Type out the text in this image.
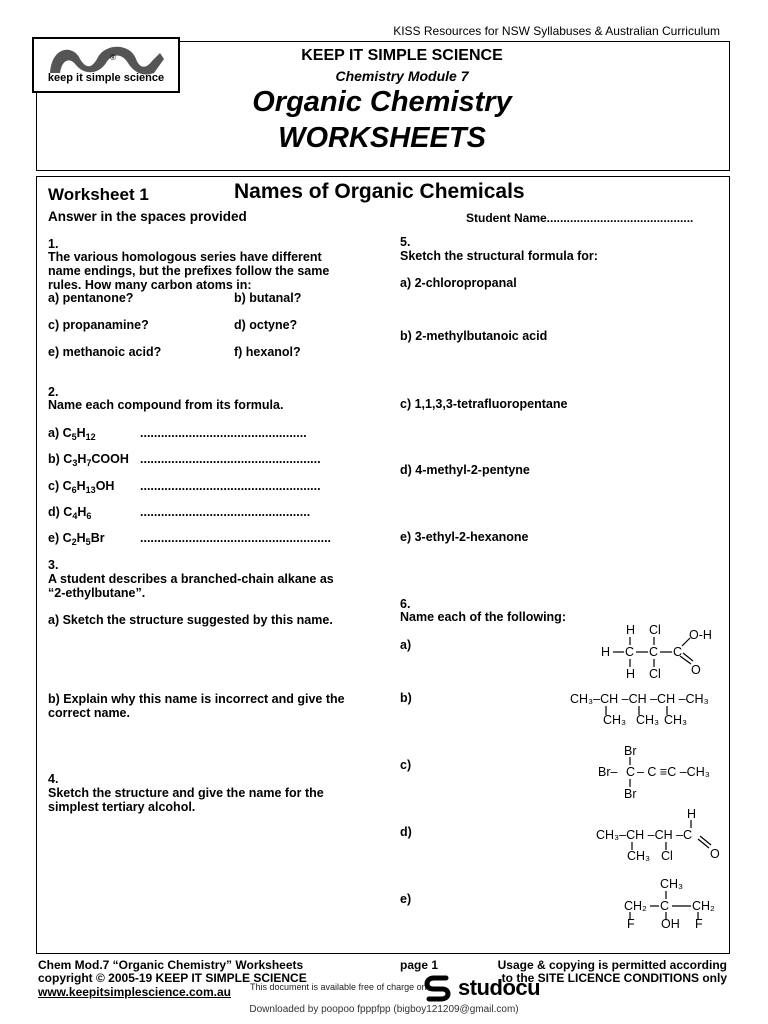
KISS Resources for NSW Syllabuses & Australian Curriculum
®
keep it simple science
KEEP IT SIMPLE SCIENCE
Chemistry Module 7
Organic Chemistry
WORKSHEETS
Worksheet 1	Names of Organic Chemicals
Answer in the spaces provided	Student Name............................................
1.
The various homologous series have different
name endings, but the prefixes follow the same
rules. How many carbon atoms in:
a) pentanone?	b) butanal?
c) propanamine?	d) octyne?
e) methanoic acid?	f) hexanol?
2.
Name each compound from its formula.
a) $C_5H_{12}$	................................................
b) $C_3H_7COOH$ ....................................................
c) $C_6H_{13}OH$ ....................................................
d) $C_4H_6$	.................................................
e) $C_2H_5Br$	.......................................................
3.
A student describes a branched-chain alkane as
“2-ethylbutane”.
a) Sketch the structure suggested by this name.
b) Explain why this name is incorrect and give the
correct name.
4.
Sketch the structure and give the name for the
simplest tertiary alcohol.
5.
Sketch the structural formula for:
a) 2-chloropropanal
b) 2-methylbutanoic acid
c) 1,1,3,3-tetrafluoropentane
d) 4-methyl-2-pentyne
e) 3-ethyl-2-hexanone
6.
Name each of the following:
a)
b)
c)
d)
e)
H Cl O-H
H C C C
H Cl O
CH₃–CH –CH –CH –CH₃
CH₃ CH₃ CH₃
Br
Br– C – C ≡C –CH₃
Br
H
CH₃–CH –CH –C
O
CH₃ Cl
CH₃
CH₂ C CH₂
F OH F
Chem Mod.7 “Organic Chemistry” Worksheets
copyright © 2005-19 KEEP IT SIMPLE SCIENCE
www.keepitsimplescience.com.au
page 1	Usage & copying is permitted according
to the SITE LICENCE CONDITIONS only
This document is available free of charge on studocu
Downloaded by poopoo fpppfpp (bigboy121209@gmail.com)
